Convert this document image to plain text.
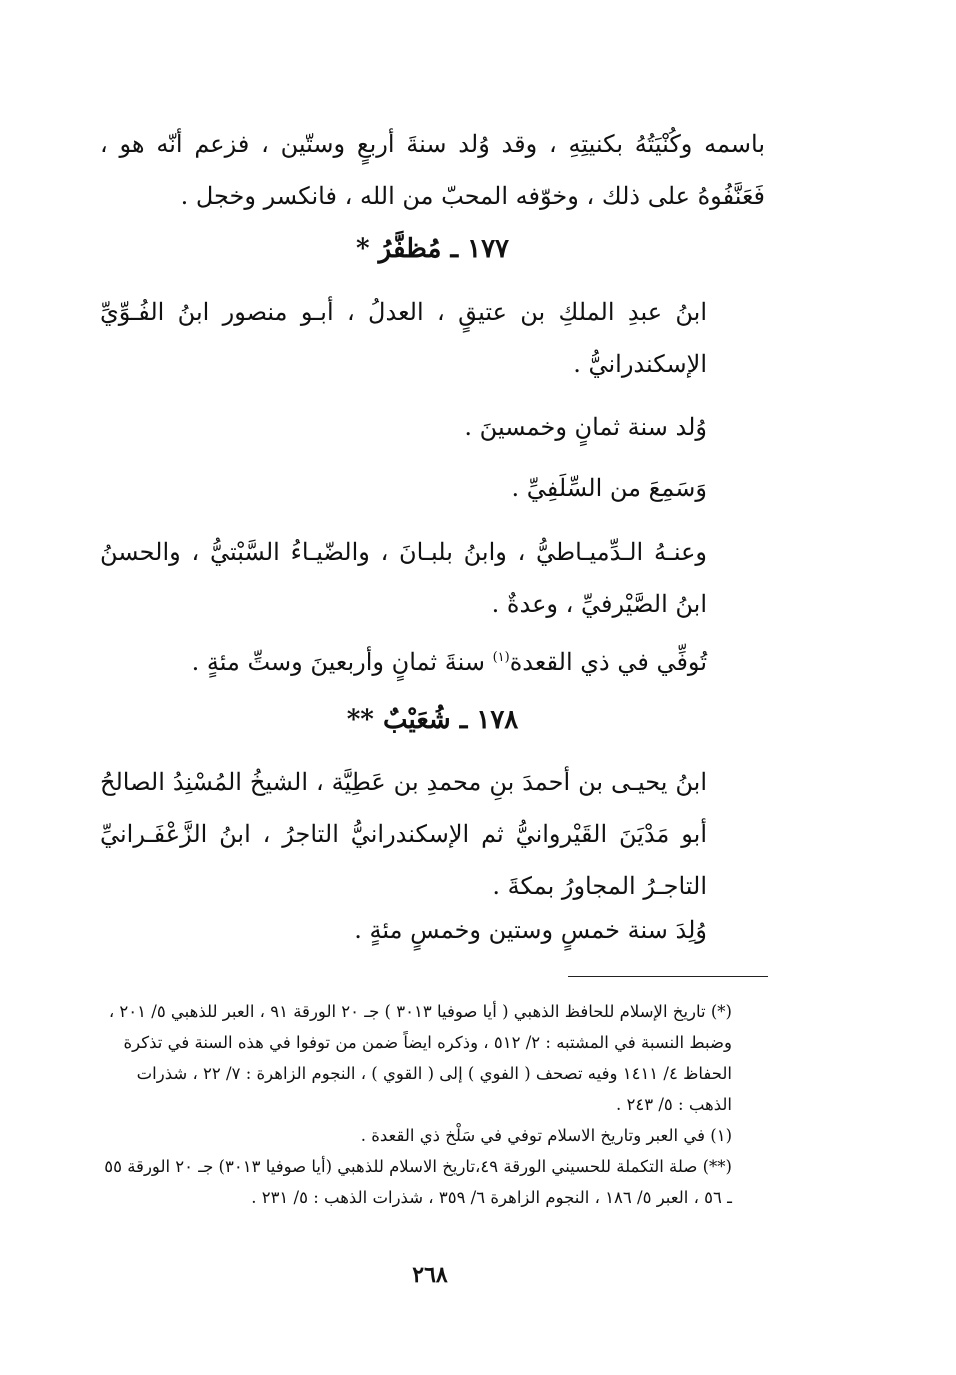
باسمه وكُنْيَتُهُ بكنيتِهِ ، وقد وُلد سنةَ أربعٍ وستّين ، فزعم أنّه هو ، فَعَنَّفُوهُ على ذلك ، وخوّفه المحبّ من الله ، فانكسر وخجل .
١٧٧ ـ مُظفَّرُ *
ابنُ عبدِ الملكِ بن عتيقٍ ، العدلُ ، أبـو منصور ابنُ الفُـوِّيِّ الإسكندرانيُّ .
وُلد سنة ثمانٍ وخمسينَ .
وَسَمِعَ من السِّلَفِيِّ .
وعنـهُ الـدِّميـاطيُّ ، وابنُ بلبـانَ ، والضّيـاءُ السَّبْتيُّ ، والحسنُ ابنُ الصَّيْرفيِّ ، وعدةٌ .
تُوفِّي في ذي القعدة$^{(١)}$ سنةَ ثمانٍ وأربعينَ وستِّ مئةٍ .
١٧٨ ـ شُعَيْبٌ **
ابنُ يحيـى بن أحمدَ بنِ محمدِ بن عَطِيَّة ، الشيخُ المُسْنِدُ الصالحُ أبو مَدْيَنَ القَيْروانيُّ ثم الإسكندرانيُّ التاجرُ ، ابنُ الزَّعْفَـرانيِّ التاجـرُ المجاورُ بمكةَ .
وُلِدَ سنة خمسٍ وستين وخمسٍ مئةٍ .

(*) تاريخ الإسلام للحافظ الذهبي ( أيا صوفيا ٣٠١٣ ) جـ ٢٠ الورقة ٩١ ، العبر للذهبي ٥/ ٢٠١ ، وضبط النسبة في المشتبه : ٢/ ٥١٢ ، وذكره ايضاً ضمن من توفوا في هذه السنة في تذكرة الحفاظ ٤/ ١٤١١ وفيه تصحف ( الفوي ) إلى ( القوي ) ، النجوم الزاهرة : ٧/ ٢٢ ، شذرات الذهب : ٥/ ٢٤٣ .

(١) في العبر وتاريخ الاسلام توفي في سَلْخ ذي القعدة .

(**) صلة التكملة للحسيني الورقة ٤٩،تاريخ الاسلام للذهبي (أيا صوفيا ٣٠١٣) جـ ٢٠ الورقة ٥٥ ـ ٥٦ ، العبر ٥/ ١٨٦ ، النجوم الزاهرة ٦/ ٣٥٩ ، شذرات الذهب : ٥/ ٢٣١ .

٢٦٨
